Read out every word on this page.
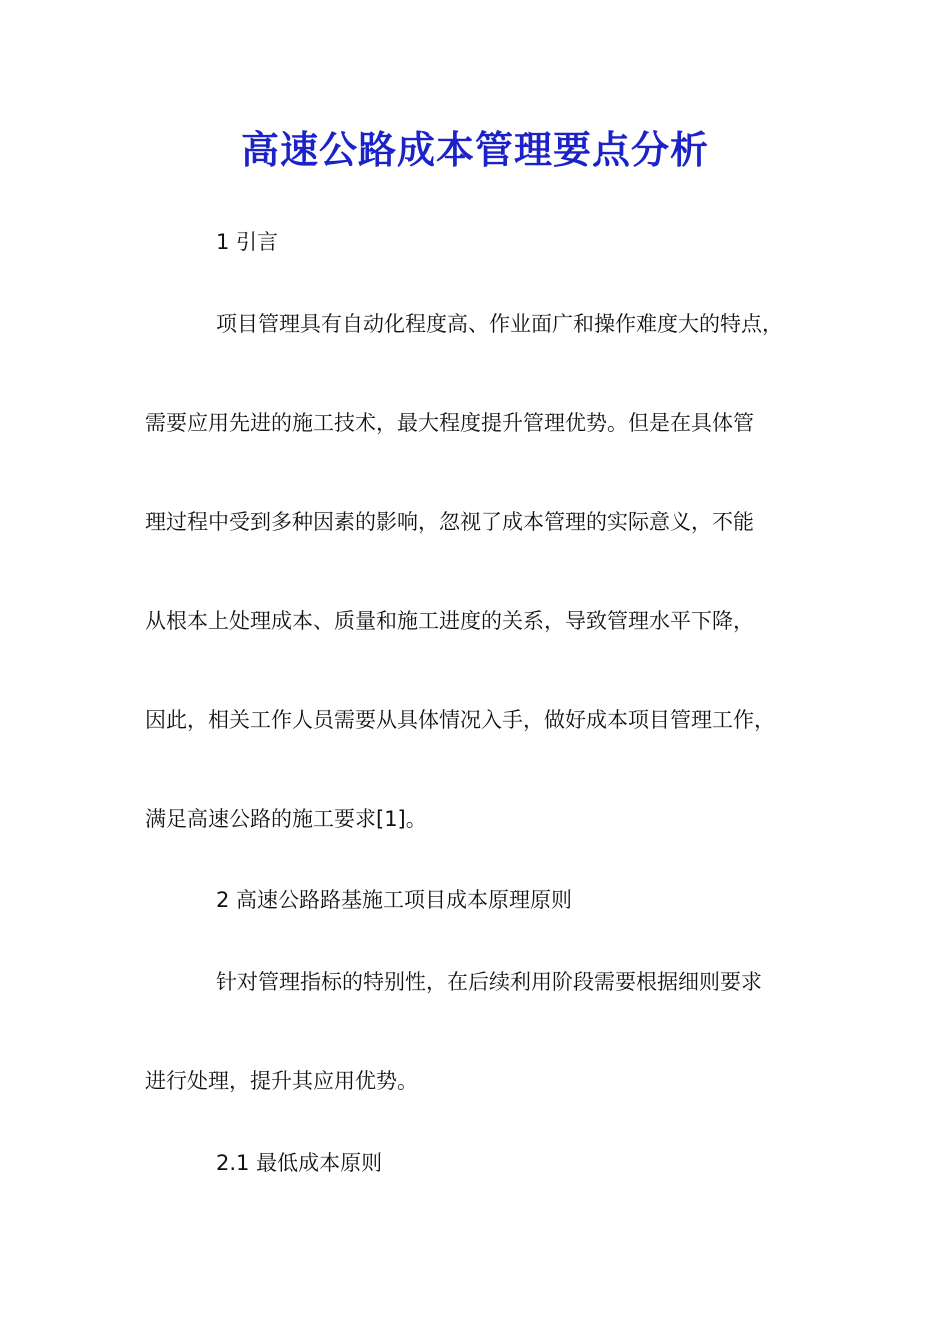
高速公路成本管理要点分析
1 引言
项目管理具有自动化程度高、作业面广和操作难度大的特点，
需要应用先进的施工技术，最大程度提升管理优势。但是在具体管
理过程中受到多种因素的影响，忽视了成本管理的实际意义，不能
从根本上处理成本、质量和施工进度的关系，导致管理水平下降，
因此，相关工作人员需要从具体情况入手，做好成本项目管理工作，
满足高速公路的施工要求[1]。
2 高速公路路基施工项目成本原理原则
针对管理指标的特别性，在后续利用阶段需要根据细则要求
进行处理，提升其应用优势。
2.1 最低成本原则
